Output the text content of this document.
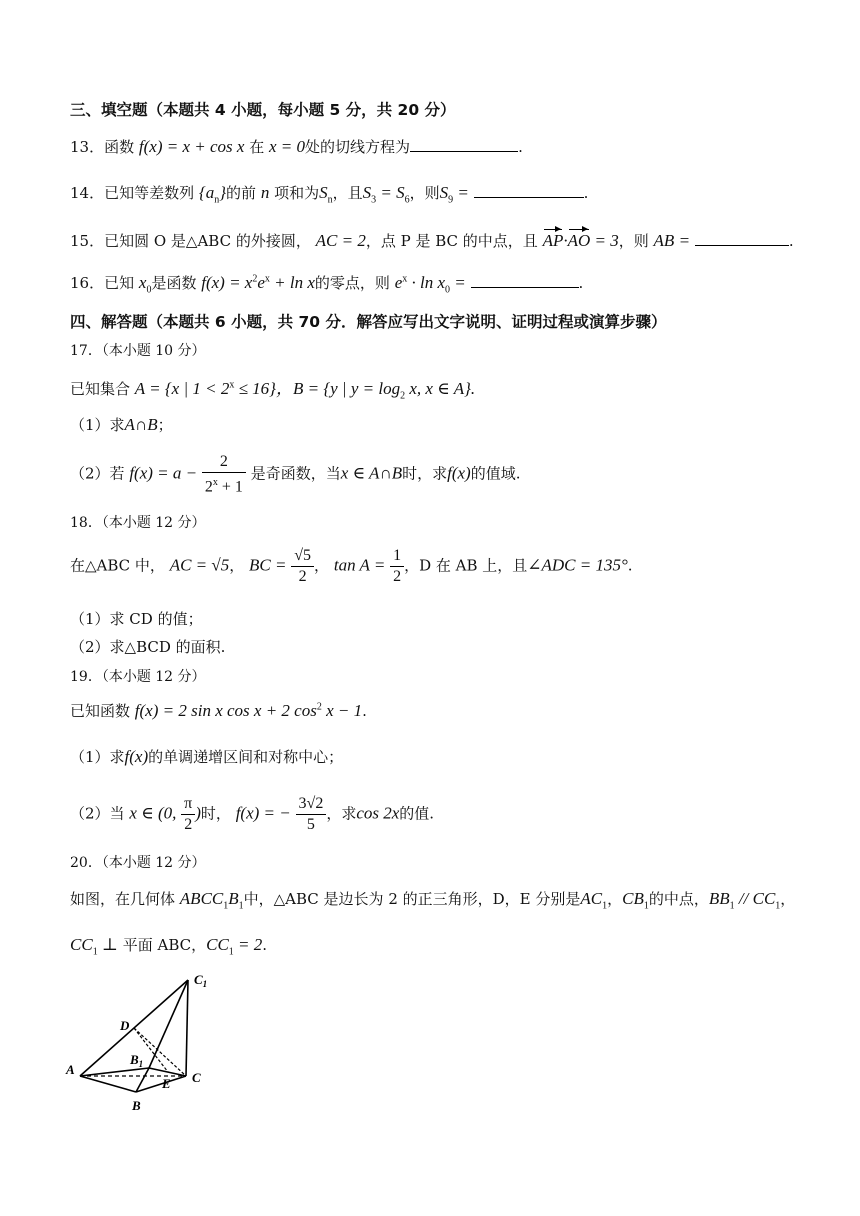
三、填空题（本题共 4 小题，每小题 5 分，共 20 分）
13．函数 f(x) = x + cos x 在 x = 0处的切线方程为	.
14．已知等差数列 $\{a_n\}$的前 n 项和为$S_n$，且$S_3 = S_6$，则$S_9$ =	.
15．已知圆 O 是△ABC 的外接圆， AC = 2，点 P 是 BC 的中点，且 AP·AO = 3，则 AB =	.
16．已知 $x_0$是函数 $f(x) = x^2e^x + \ln x$的零点，则 $e^x \cdot \ln x_0$ =	.
四、解答题（本题共 6 小题，共 70 分．解答应写出文字说明、证明过程或演算步骤）
17．（本小题 10 分）
已知集合 A = {x | $1 < 2^x \le 16$}，B = {y | $y = \log_2 x$, x ∈ A}.
（1）求A∩B；
（2）若 $f(x) = a - \frac{2}{2^x + 1}$ 是奇函数，当x ∈ A∩B时，求f(x)的值域.
18．（本小题 12 分）
在△ABC 中， AC = √5， BC = $\frac{√5}{2}$ ， $\tan A = \frac{1}{2}$ ，D 在 AB 上，且∠ADC = 135°.
（1）求 CD 的值；
（2）求△BCD 的面积.
19．（本小题 12 分）
已知函数 f(x) = 2 sin x cos x + 2 $\cos^2 x - 1$.
（1）求f(x)的单调递增区间和对称中心；
（2）当 x ∈ (0, $\frac{\pi}{2}$ )时， f(x) = − $\frac{3√2}{5}$ ，求cos 2x的值.
20．（本小题 12 分）
如图，在几何体 $ABCC_1B_1$中，△ABC 是边长为 2 的正三角形，D，E 分别是$AC_1$，$CB_1$的中点，$BB_1 // CC_1$，
$CC_1$ ⊥ 平面 ABC，$CC_1 = 2$.
$C_1$
D
$B_1$
A
E C
B
